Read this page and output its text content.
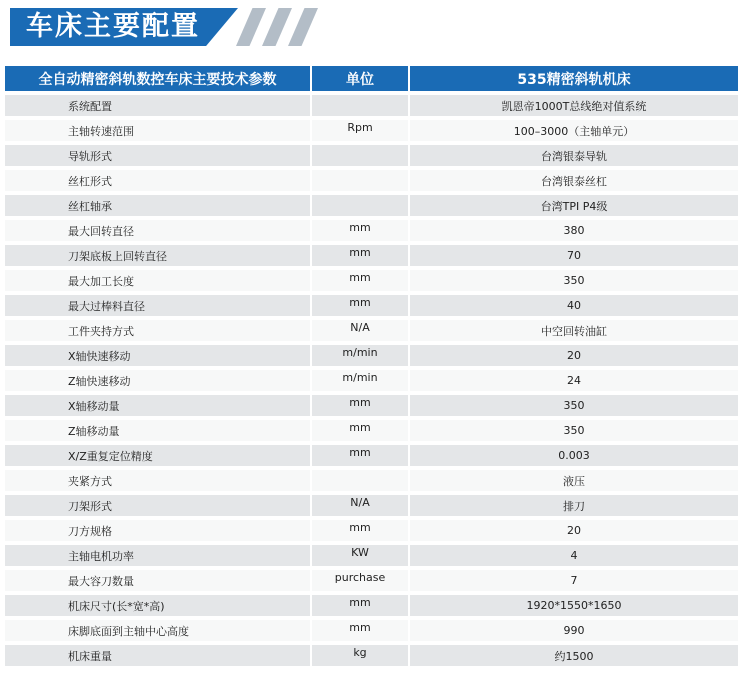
车床主要配置
全自动精密斜轨数控车床主要技术参数	单位	535精密斜轨机床
系统配置		凯恩帝1000T总线绝对值系统
主轴转速范围	Rpm	100–3000（主轴单元）
导轨形式		台湾银泰导轨
丝杠形式		台湾银泰丝杠
丝杠轴承		台湾TPI P4级
最大回转直径	mm	380
刀架底板上回转直径	mm	70
最大加工长度	mm	350
最大过棒料直径	mm	40
工件夹持方式	N/A	中空回转油缸
X轴快速移动	m/min	20
Z轴快速移动	m/min	24
X轴移动量	mm	350
Z轴移动量	mm	350
X/Z重复定位精度	mm	0.003
夹紧方式		液压
刀架形式	N/A	排刀
刀方规格	mm	20
主轴电机功率	KW	4
最大容刀数量	purchase	7
机床尺寸(长*宽*高)	mm	1920*1550*1650
床脚底面到主轴中心高度	mm	990
机床重量	kg	约1500
